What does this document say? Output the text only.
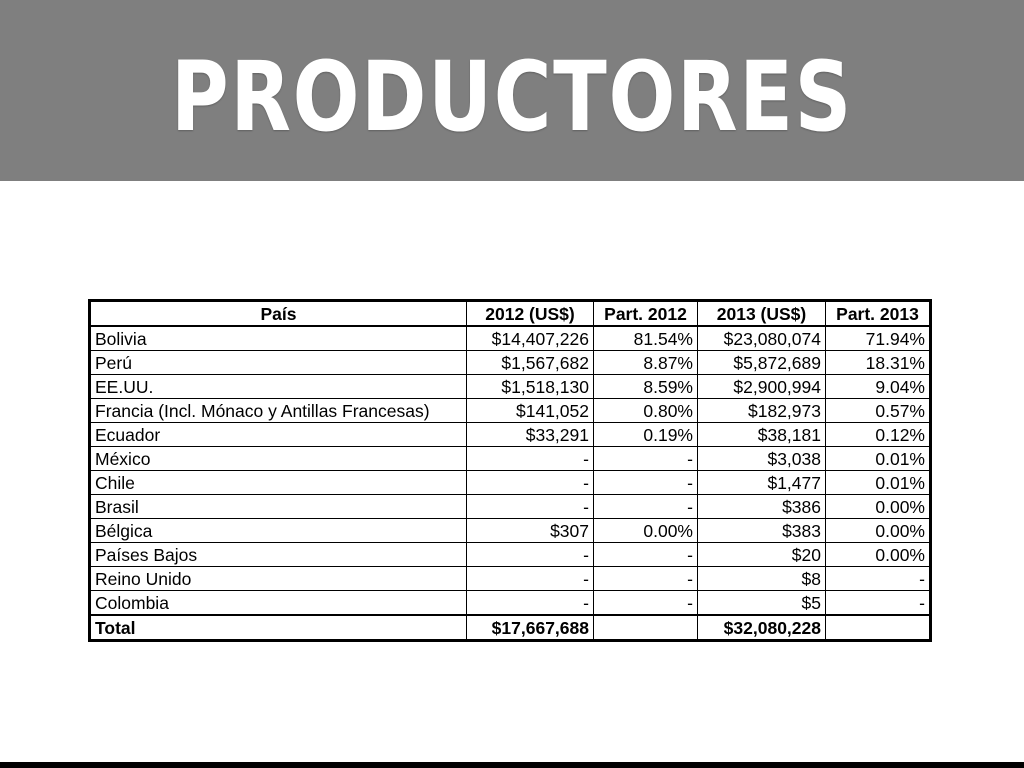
PRODUCTORES
País	2012 (US$)	Part. 2012	2013 (US$)	Part. 2013
Bolivia	$14,407,226	81.54%	$23,080,074	71.94%
Perú	$1,567,682	8.87%	$5,872,689	18.31%
EE.UU.	$1,518,130	8.59%	$2,900,994	9.04%
Francia (Incl. Mónaco y Antillas Francesas)	$141,052	0.80%	$182,973	0.57%
Ecuador	$33,291	0.19%	$38,181	0.12%
México	-	-	$3,038	0.01%
Chile	-	-	$1,477	0.01%
Brasil	-	-	$386	0.00%
Bélgica	$307	0.00%	$383	0.00%
Países Bajos	-	-	$20	0.00%
Reino Unido	-	-	$8	-
Colombia	-	-	$5	-
Total	$17,667,688		$32,080,228	
